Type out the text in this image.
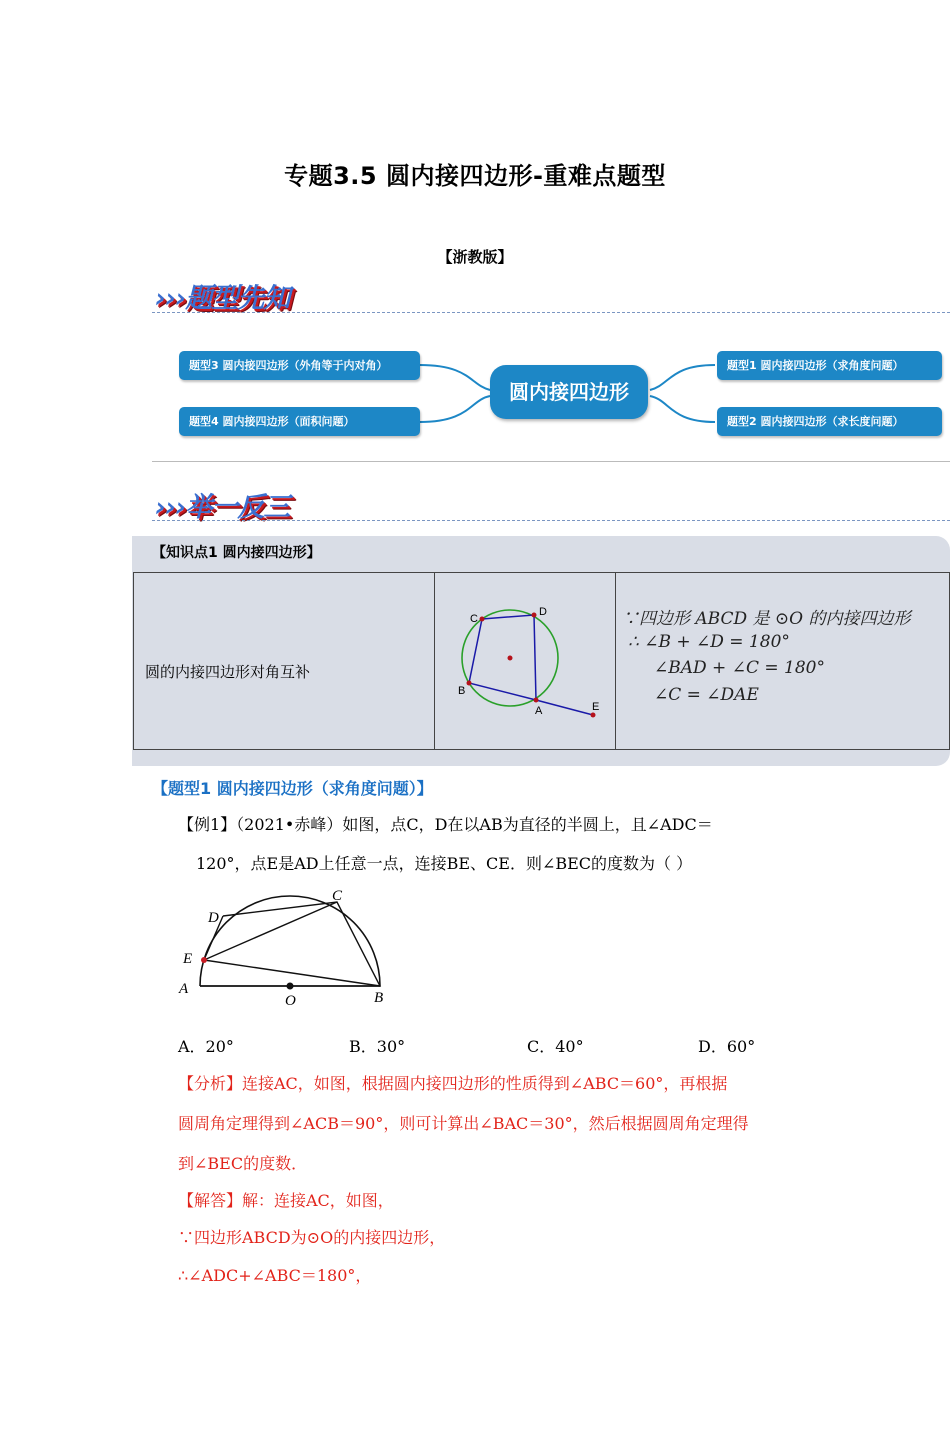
专题3.5 圆内接四边形-重难点题型
【浙教版】
›››题型先知
题型3 圆内接四边形（外角等于内对角）
题型4 圆内接四边形（面积问题）
圆内接四边形
题型1 圆内接四边形（求角度问题）
题型2 圆内接四边形（求长度问题）
›››举一反三
【知识点1 圆内接四边形】
圆的内接四边形对角互补
C
D
B
A	E
∵四边形 ABCD 是 ⊙O 的内接四边形
∴ ∠B + ∠D = 180°
∠BAD + ∠C = 180°
∠C = ∠DAE
【题型1 圆内接四边形（求角度问题）】
【例1】（2021•赤峰）如图，点C，D在以AB为直径的半圆上，且∠ADC＝
120°，点E是AD上任意一点，连接BE、CE．则∠BEC的度数为（ ）
D
C
E
A
O	B
A．20°	B．30°	C．40°	D．60°
【分析】连接AC，如图，根据圆内接四边形的性质得到∠ABC＝60°，再根据
圆周角定理得到∠ACB＝90°，则可计算出∠BAC＝30°，然后根据圆周角定理得
到∠BEC的度数．
【解答】解：连接AC，如图，
∵四边形ABCD为⊙O的内接四边形，
∴∠ADC+∠ABC＝180°，
